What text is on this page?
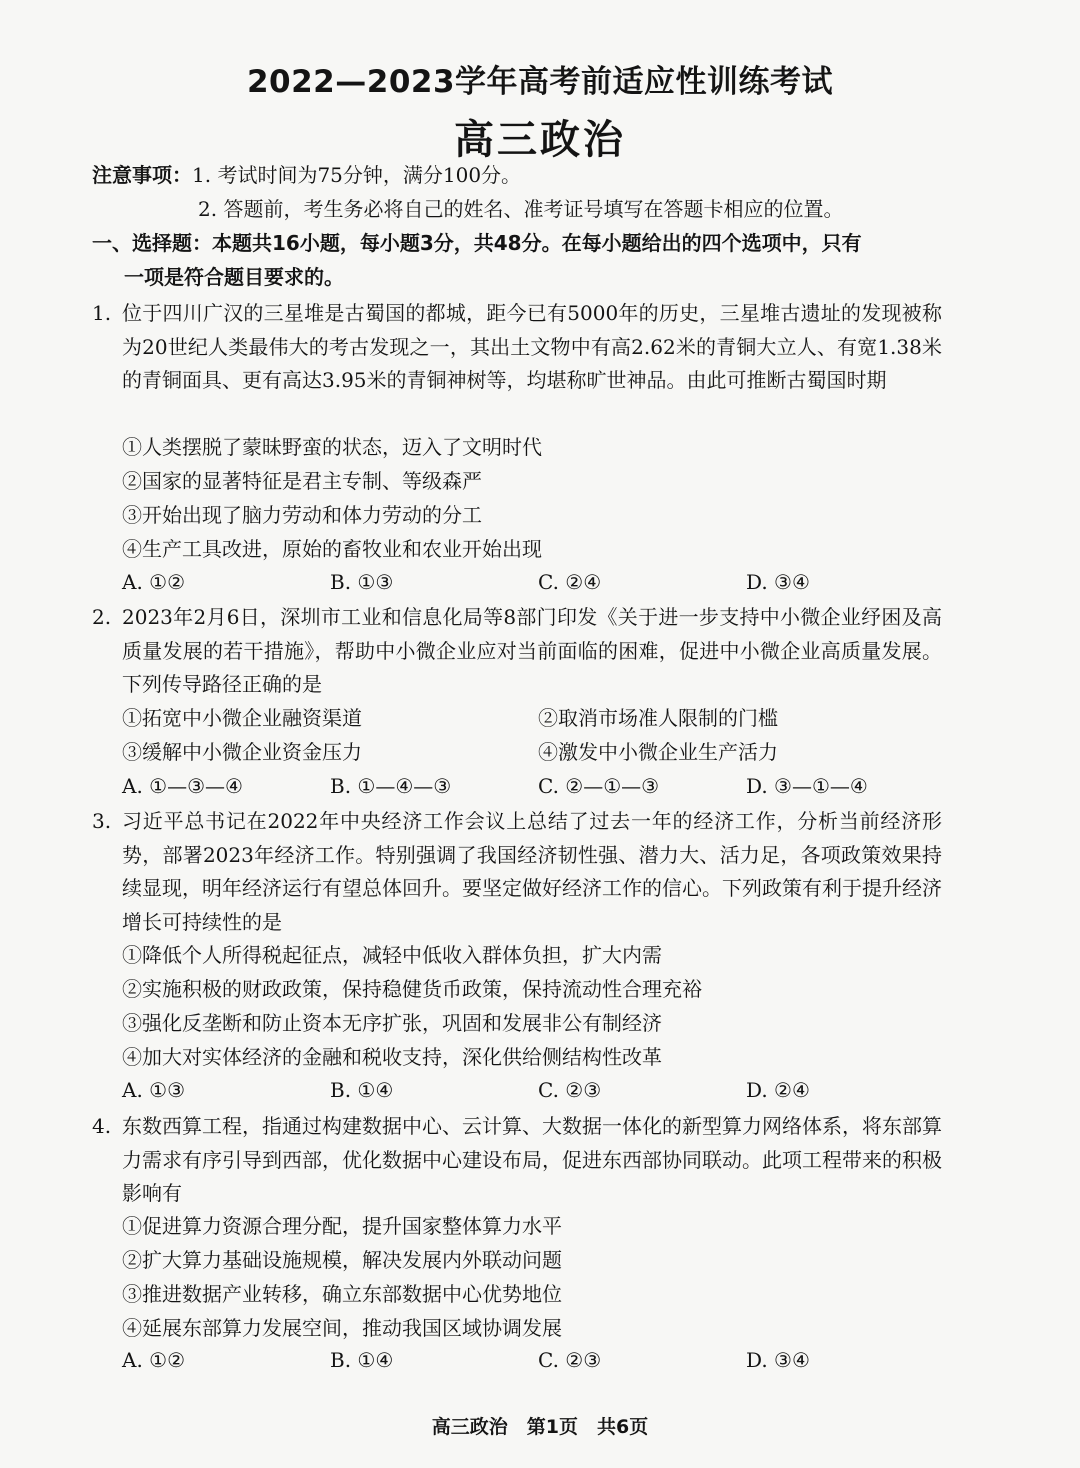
2022—2023学年高考前适应性训练考试
高三政治
注意事项：1. 考试时间为75分钟，满分100分。
2. 答题前，考生务必将自己的姓名、准考证号填写在答题卡相应的位置。
一、选择题：本题共16小题，每小题3分，共48分。在每小题给出的四个选项中，只有
一项是符合题目要求的。
1. 位于四川广汉的三星堆是古蜀国的都城，距今已有5000年的历史，三星堆古遗址的发现被称为20世纪人类最伟大的考古发现之一，其出土文物中有高2.62米的青铜大立人、有宽1.38米的青铜面具、更有高达3.95米的青铜神树等，均堪称旷世神品。由此可推断古蜀国时期
①人类摆脱了蒙昧野蛮的状态，迈入了文明时代
②国家的显著特征是君主专制、等级森严
③开始出现了脑力劳动和体力劳动的分工
④生产工具改进，原始的畜牧业和农业开始出现
A. ①②	B. ①③	C. ②④	D. ③④
2. 2023年2月6日，深圳市工业和信息化局等8部门印发《关于进一步支持中小微企业纾困及高质量发展的若干措施》，帮助中小微企业应对当前面临的困难，促进中小微企业高质量发展。下列传导路径正确的是
①拓宽中小微企业融资渠道	②取消市场准人限制的门槛
③缓解中小微企业资金压力	④激发中小微企业生产活力
A. ①—③—④	B. ①—④—③	C. ②—①—③	D. ③—①—④
3. 习近平总书记在2022年中央经济工作会议上总结了过去一年的经济工作，分析当前经济形势，部署2023年经济工作。特别强调了我国经济韧性强、潜力大、活力足，各项政策效果持续显现，明年经济运行有望总体回升。要坚定做好经济工作的信心。下列政策有利于提升经济增长可持续性的是
①降低个人所得税起征点，减轻中低收入群体负担，扩大内需
②实施积极的财政政策，保持稳健货币政策，保持流动性合理充裕
③强化反垄断和防止资本无序扩张，巩固和发展非公有制经济
④加大对实体经济的金融和税收支持，深化供给侧结构性改革
A. ①③	B. ①④	C. ②③	D. ②④
4. 东数西算工程，指通过构建数据中心、云计算、大数据一体化的新型算力网络体系，将东部算力需求有序引导到西部，优化数据中心建设布局，促进东西部协同联动。此项工程带来的积极影响有
①促进算力资源合理分配，提升国家整体算力水平
②扩大算力基础设施规模，解决发展内外联动问题
③推进数据产业转移，确立东部数据中心优势地位
④延展东部算力发展空间，推动我国区域协调发展
A. ①②	B. ①④	C. ②③	D. ③④
高三政治　第1页　共6页
